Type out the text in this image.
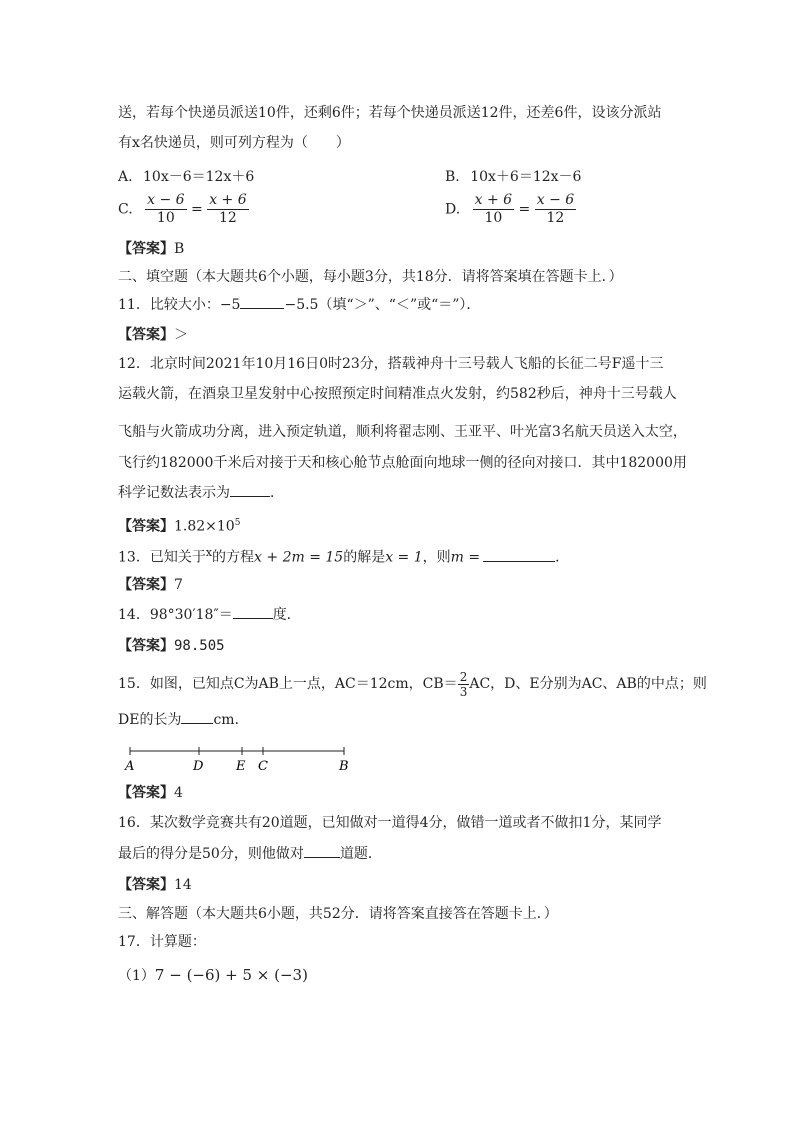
送，若每个快递员派送10件，还剩6件；若每个快递员派送12件，还差6件，设该分派站
有x名快递员，则可列方程为（　　）
A. 10x－6＝12x＋6	B. 10x＋6＝12x－6
C. $\frac{x - 6}{10} = \frac{x + 6}{12}$	D. $\frac{x + 6}{10} = \frac{x - 6}{12}$
【答案】B
二、填空题（本大题共6个小题，每小题3分，共18分．请将答案填在答题卡上．）
11．比较大小：−5	−5.5（填“＞”、“＜”或“＝”）．
【答案】＞
12．北京时间2021年10月16日0时23分，搭载神舟十三号载人飞船的长征二号F遥十三
运载火箭，在酒泉卫星发射中心按照预定时间精准点火发射，约582秒后，神舟十三号载人
飞船与火箭成功分离，进入预定轨道，顺利将翟志刚、王亚平、叶光富3名航天员送入太空，
飞行约182000千米后对接于天和核心舱节点舱面向地球一侧的径向对接口．其中182000用
科学记数法表示为	．
【答案】$1.82\times 10^5$
13．已知关于$^x$的方程x + 2m = 15的解是x = 1，则m =	．
【答案】7
14．98°30′18″＝	度．
【答案】98.505
15．如图，已知点C为AB上一点，AC＝12cm，$CB= \frac{2}{3}$ AC，D、E分别为AC、AB的中点；则
DE的长为 cm．
A	D	E C	B
【答案】4
16．某次数学竞赛共有20道题，已知做对一道得4分，做错一道或者不做扣1分，某同学
最后的得分是50分，则他做对	道题．
【答案】14
三、解答题（本大题共6小题，共52分．请将答案直接答在答题卡上．）
17．计算题：
（1）7 − (−6) + 5 × (−3)
